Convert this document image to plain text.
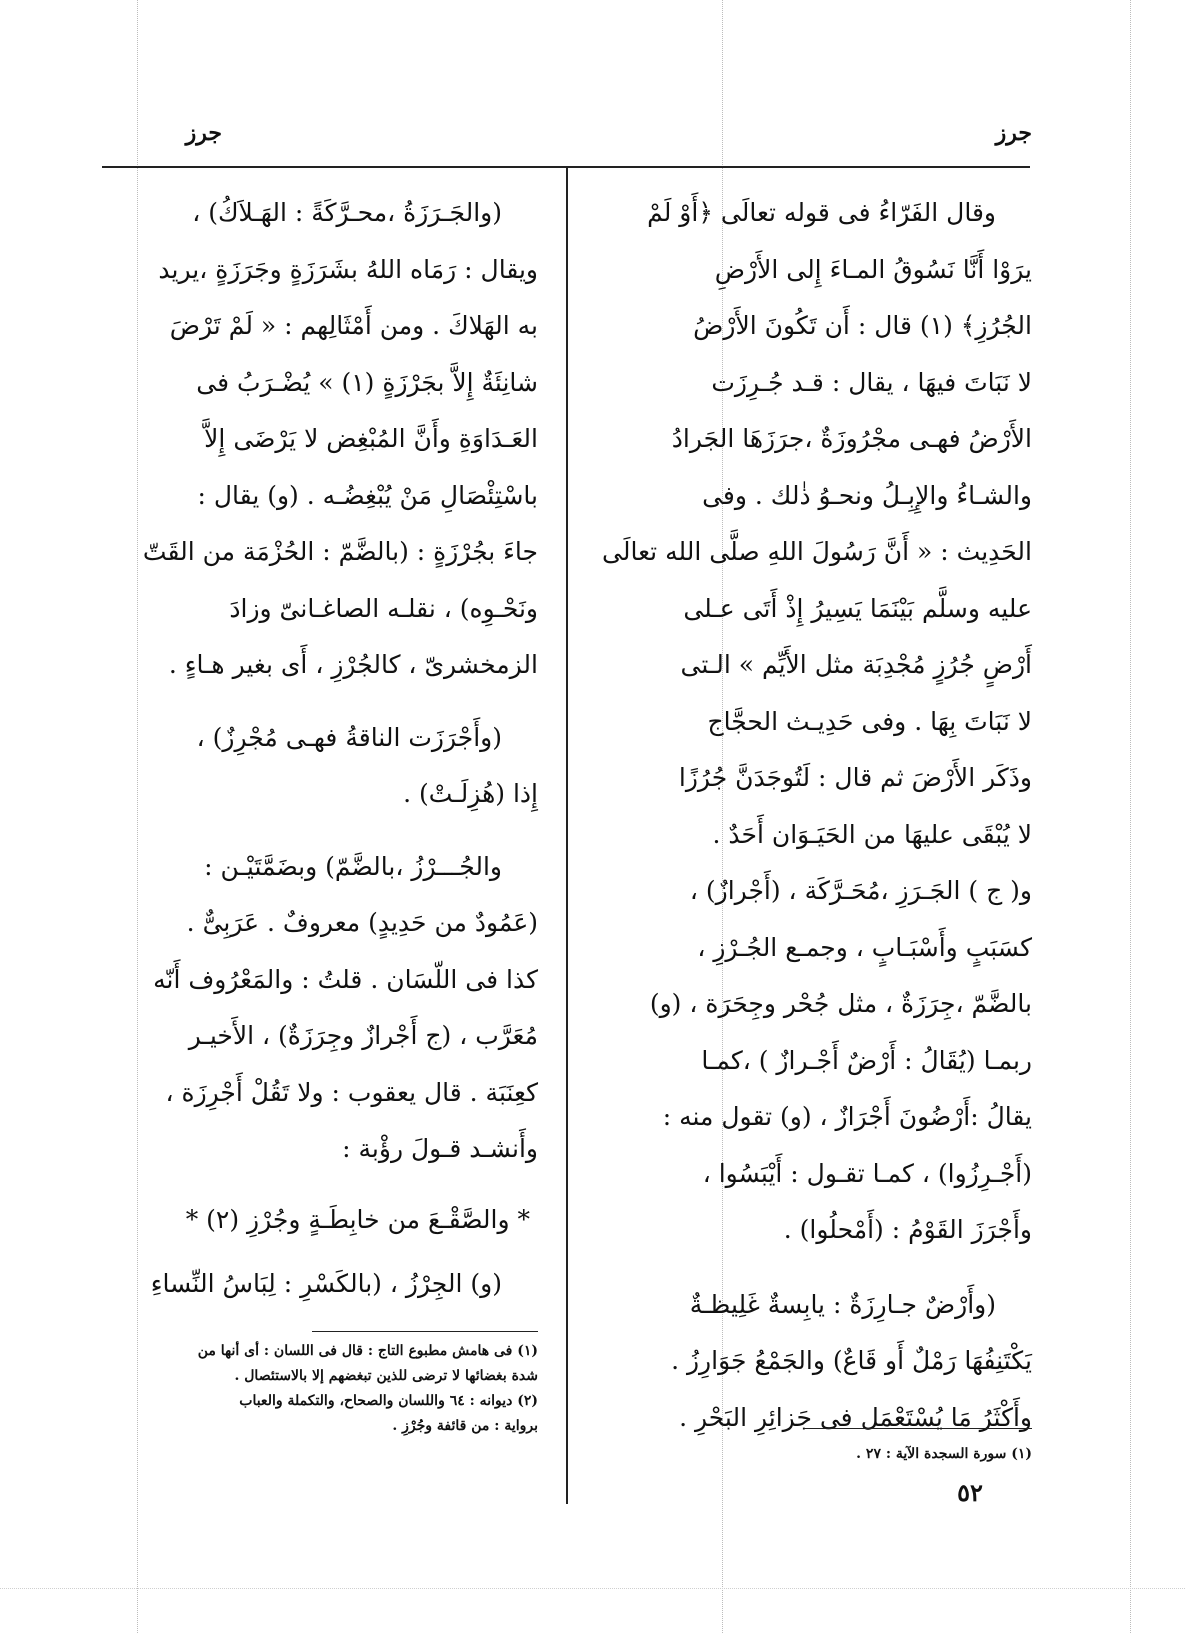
جرز
جرز

وقال الفَرّاءُ فى قوله تعالَى ﴿أَوْ لَمْ

يرَوْا أَنَّا نَسُوقُ المـاءَ إِلى الأَرْضِ

الجُرُزِ﴾ (١) قال : أَن تَكُونَ الأَرْضُ

لا نَبَاتَ فيهَا ، يقال : قـد جُـرِزَت

الأَرْضُ فهـى مجْرُوزَةٌ ،جرَزَهَا الجَرادُ

والشـاءُ والإِبِـلُ ونحـوُ ذٰلك . وفى

الحَدِيث : « أَنَّ رَسُولَ اللهِ صلَّى الله تعالَى

عليه وسلَّم بَيْنَمَا يَسِيرُ إِذْ أَتَى عـلى

أَرْضٍ جُرُزٍ مُجْدِبَة مثل الأَيِّم » الـتى

لا نَبَاتَ بِهَا . وفى حَدِيـث الحجَّاج

وذَكَر الأَرْضَ ثم قال : لَتُوجَدَنَّ جُرُزًا

لا يُبْقَى عليهَا من الحَيَـوَان أَحَدٌ .

و( ج ) الجَـرَزِ ،مُحَـرَّكَة ، (أَجْرازٌ) ،

كسَبَبٍ وأَسْبَـابٍ ، وجمـع الجُـرْزِ ،

بالضَّمّ ،جِرَزَةٌ ، مثل جُحْر وجِحَرَة ، (و)

ربمـا (يُقَالُ : أَرْضٌ أَجْـرازٌ ) ،كمـا

يقالُ :أَرْضُونَ أَجْرَازٌ ، (و) تقول منه :

(أَجْـرِزُوا) ، كمـا تقـول : أَيْبَسُوا ،

وأَجْرَزَ القَوْمُ : (أَمْحلُوا) .

(وأَرْضٌ جـارِزَةٌ : يابِسةٌ غَلِيظـةٌ

يَكْتَنِفُهَا رَمْلٌ أَو قَاعٌ) والجَمْعُ جَوَارِزُ .

وأَكْثَرُ مَا يُسْتَعْمَل فى جَزائِرِ البَحْرِ .

(والجَـرَزَةُ ،محـرَّكَةً : الهَـلاَكُ) ،

ويقال : رَمَاه اللهُ بشَرَزَةٍ وجَرَزَةٍ ،يريد

به الهَلاكَ . ومن أَمْثَالِهم : « لَمْ تَرْضَ

شانِئَةٌ إِلاَّ بجَرْزَةٍ (١) » يُضْـرَبُ فى

العَـدَاوَةِ وأَنَّ المُبْغِض لا يَرْضَى إِلاَّ

باسْتِئْصَالِ مَنْ يُبْغِضُـه . (و) يقال :

جاءَ بجُرْزَةٍ : (بالضَّمّ : الحُزْمَة من القَتّ

ونَحْـوِه) ، نقلـه الصاغـانىّ وزادَ

الزمخشرىّ ، كالجُرْزِ ، أَى بغير هـاءٍ .

(وأَجْرَزَت الناقةُ فهـى مُجْرِزٌ) ،

إِذا (هُزِلَـتْ) .

والجُـــرْزُ ،بالضَّمّ) وبضَمَّتَيْـن :

(عَمُودٌ من حَدِيدٍ) معروفٌ . عَرَبِىٌّ .

كذا فى اللّسَان . قلتُ : والمَعْرُوف أَنّه

مُعَرَّب ، (ج أَجْرازٌ وجِرَزَةٌ) ، الأَخيـر

كعِنَبَة . قال يعقوب : ولا تَقُلْ أَجْرِزَة ،

وأَنشـد قـولَ رؤْبة :

* والصَّقْـعَ من خابِطَـةٍ وجُرْزِ (٢) *

(و) الجِرْزُ ، (بالكَسْرِ : لِبَاسُ النِّساءِ

(١) فى هامش مطبوع التاج : قال فى اللسان : أى أنها من

شدة بغضائها لا ترضى للذين تبغضهم إلا بالاستئصال .

(٢) ديوانه : ٦٤ واللسان والصحاح، والتكملة والعباب

برواية : من قائفة وجُرْزِ .

(١) سورة السجدة الآية : ٢٧ .

٥٢
